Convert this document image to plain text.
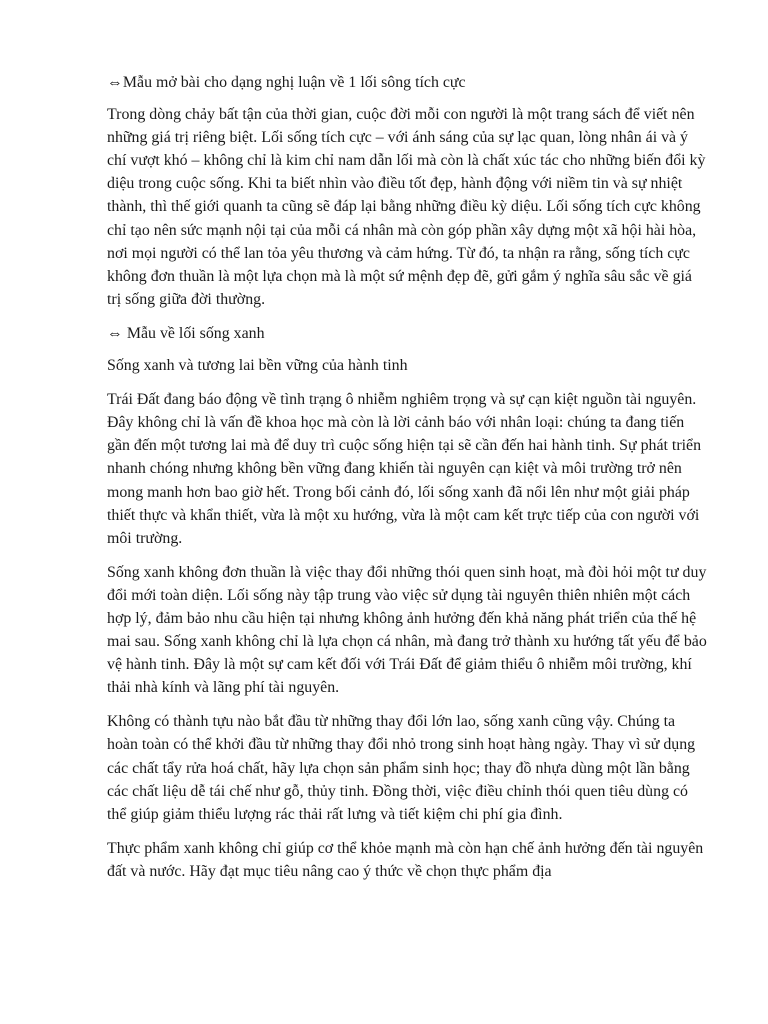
⇔Mẫu mở bài cho dạng nghị luận về 1 lối sông tích cực

Trong dòng chảy bất tận của thời gian, cuộc đời mỗi con người là một trang sách để viết nên những giá trị riêng biệt. Lối sống tích cực – với ánh sáng của sự lạc quan, lòng nhân ái và ý chí vượt khó – không chỉ là kim chỉ nam dẫn lối mà còn là chất xúc tác cho những biến đổi kỳ diệu trong cuộc sống. Khi ta biết nhìn vào điều tốt đẹp, hành động với niềm tin và sự nhiệt thành, thì thế giới quanh ta cũng sẽ đáp lại bằng những điều kỳ diệu. Lối sống tích cực không chỉ tạo nên sức mạnh nội tại của mỗi cá nhân mà còn góp phần xây dựng một xã hội hài hòa, nơi mọi người có thể lan tỏa yêu thương và cảm hứng. Từ đó, ta nhận ra rằng, sống tích cực không đơn thuần là một lựa chọn mà là một sứ mệnh đẹp đẽ, gửi gắm ý nghĩa sâu sắc về giá trị sống giữa đời thường.

⇔ Mẫu về lối sống xanh

Sống xanh và tương lai bền vững của hành tinh

Trái Đất đang báo động về tình trạng ô nhiễm nghiêm trọng và sự cạn kiệt nguồn tài nguyên. Đây không chỉ là vấn đề khoa học mà còn là lời cảnh báo với nhân loại: chúng ta đang tiến gần đến một tương lai mà để duy trì cuộc sống hiện tại sẽ cần đến hai hành tinh. Sự phát triển nhanh chóng nhưng không bền vững đang khiến tài nguyên cạn kiệt và môi trường trở nên mong manh hơn bao giờ hết. Trong bối cảnh đó, lối sống xanh đã nổi lên như một giải pháp thiết thực và khẩn thiết, vừa là một xu hướng, vừa là một cam kết trực tiếp của con người với môi trường.

Sống xanh không đơn thuần là việc thay đổi những thói quen sinh hoạt, mà đòi hỏi một tư duy đổi mới toàn diện. Lối sống này tập trung vào việc sử dụng tài nguyên thiên nhiên một cách hợp lý, đảm bảo nhu cầu hiện tại nhưng không ảnh hưởng đến khả năng phát triển của thế hệ mai sau. Sống xanh không chỉ là lựa chọn cá nhân, mà đang trở thành xu hướng tất yếu để bảo vệ hành tinh. Đây là một sự cam kết đối với Trái Đất để giảm thiểu ô nhiễm môi trường, khí thải nhà kính và lãng phí tài nguyên.

Không có thành tựu nào bắt đầu từ những thay đổi lớn lao, sống xanh cũng vậy. Chúng ta hoàn toàn có thể khởi đầu từ những thay đổi nhỏ trong sinh hoạt hàng ngày. Thay vì sử dụng các chất tẩy rửa hoá chất, hãy lựa chọn sản phẩm sinh học; thay đồ nhựa dùng một lần bằng các chất liệu dễ tái chế như gỗ, thủy tinh. Đồng thời, việc điều chỉnh thói quen tiêu dùng có thể giúp giảm thiểu lượng rác thải rất lưng và tiết kiệm chi phí gia đình.

Thực phẩm xanh không chỉ giúp cơ thể khỏe mạnh mà còn hạn chế ảnh hưởng đến tài nguyên đất và nước. Hãy đạt mục tiêu nâng cao ý thức về chọn thực phẩm địa
